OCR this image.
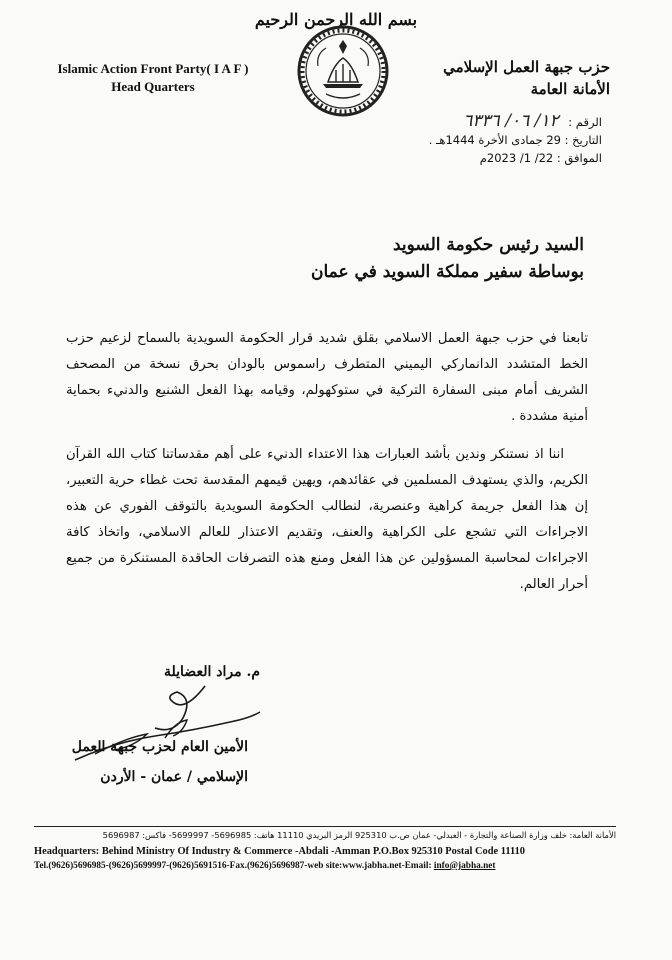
بسم الله الرحمن الرحيم
Islamic Action Front Party( I A F )
Head Quarters
حزب جبهة العمل الإسلامي
الأمانة العامة
الرقم : ١٢/ ٠٦/ ٦٣٣٦
التاريخ : 29 جمادى الأخرة 1444هـ .
الموافق : 22/ 1/ 2023م
السيد رئيس حكومة السويد
بوساطة سفير مملكة السويد في عمان

تابعنا في حزب جبهة العمل الاسلامي بقلق شديد قرار الحكومة السويدية بالسماح لزعيم حزب الخط المتشدد الدانماركي اليميني المتطرف راسموس بالودان بحرق نسخة من المصحف الشريف أمام مبنى السفارة التركية في ستوكهولم، وقيامه بهذا الفعل الشنيع والدنيء بحماية أمنية مشددة .

اننا اذ نستنكر وندين بأشد العبارات هذا الاعتداء الدنيء على أهم مقدساتنا كتاب الله القرآن الكريم، والذي يستهدف المسلمين في عقائدهم، ويهين قيمهم المقدسة تحت غطاء حرية التعبير، إن هذا الفعل جريمة كراهية وعنصرية، لنطالب الحكومة السويدية بالتوقف الفوري عن هذه الاجراءات التي تشجع على الكراهية والعنف، وتقديم الاعتذار للعالم الاسلامي، واتخاذ كافة الاجراءات لمحاسبة المسؤولين عن هذا الفعل ومنع هذه التصرفات الحاقدة المستنكرة من جميع أحرار العالم.

م. مراد العضايلة
الأمين العام لحزب جبهة العمل
الإسلامي / عمان - الأردن
الأمانة العامة: خلف وزارة الصناعة والتجارة - العبدلي- عمان ص.ب 925310 الرمز البريدي 11110 هاتف: 5696985- 5699997- فاكس: 5696987
Headquarters: Behind Ministry Of Industry & Commerce -Abdali -Amman P.O.Box 925310 Postal Code 11110
Tel.(9626)5696985-(9626)5699997-(9626)5691516-Fax.(9626)5696987-web site:www.jabha.net-Email: info@jabha.net
